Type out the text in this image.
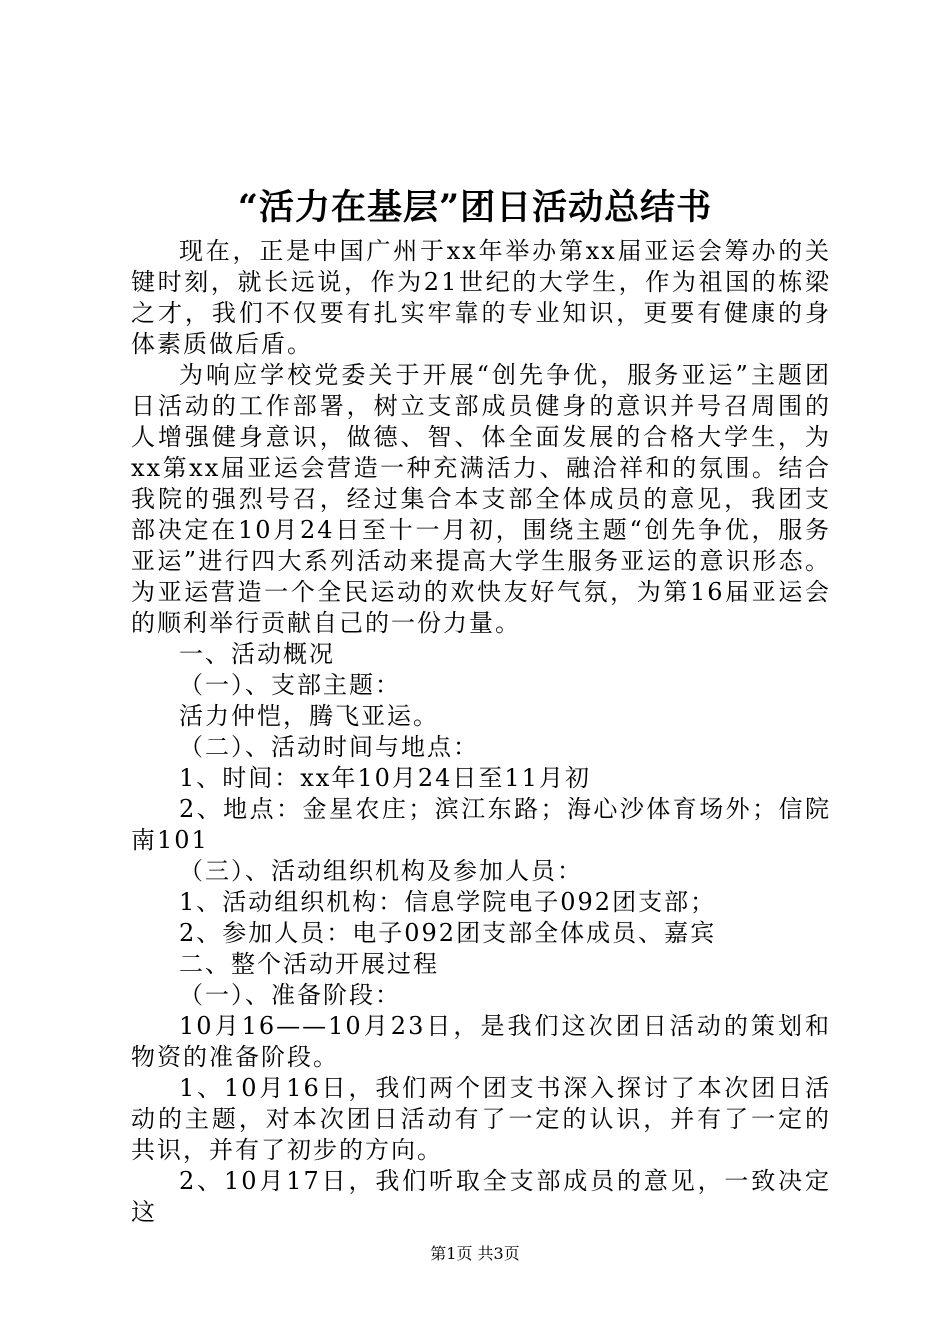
“活力在基层”团日活动总结书

现在，正是中国广州于xx年举办第xx届亚运会筹办的关键时刻，就长远说，作为21世纪的大学生，作为祖国的栋梁之才，我们不仅要有扎实牢靠的专业知识，更要有健康的身体素质做后盾。

为响应学校党委关于开展“创先争优，服务亚运”主题团日活动的工作部署，树立支部成员健身的意识并号召周围的人增强健身意识，做德、智、体全面发展的合格大学生，为xx第xx届亚运会营造一种充满活力、融洽祥和的氛围。结合我院的强烈号召，经过集合本支部全体成员的意见，我团支部决定在10月24日至十一月初，围绕主题“创先争优，服务亚运”进行四大系列活动来提高大学生服务亚运的意识形态。为亚运营造一个全民运动的欢快友好气氛，为第16届亚运会的顺利举行贡献自己的一份力量。

一、活动概况

（一）、支部主题：

活力仲恺，腾飞亚运。

（二）、活动时间与地点：

1、时间：xx年10月24日至11月初

2、地点：金星农庄；滨江东路；海心沙体育场外；信院南101

（三）、活动组织机构及参加人员：

1、活动组织机构：信息学院电子092团支部；

2、参加人员：电子092团支部全体成员、嘉宾

二、整个活动开展过程

（一）、准备阶段：

10月16——10月23日，是我们这次团日活动的策划和物资的准备阶段。

1、10月16日，我们两个团支书深入探讨了本次团日活动的主题，对本次团日活动有了一定的认识，并有了一定的共识，并有了初步的方向。

2、10月17日，我们听取全支部成员的意见，一致决定这

第1页 共3页
